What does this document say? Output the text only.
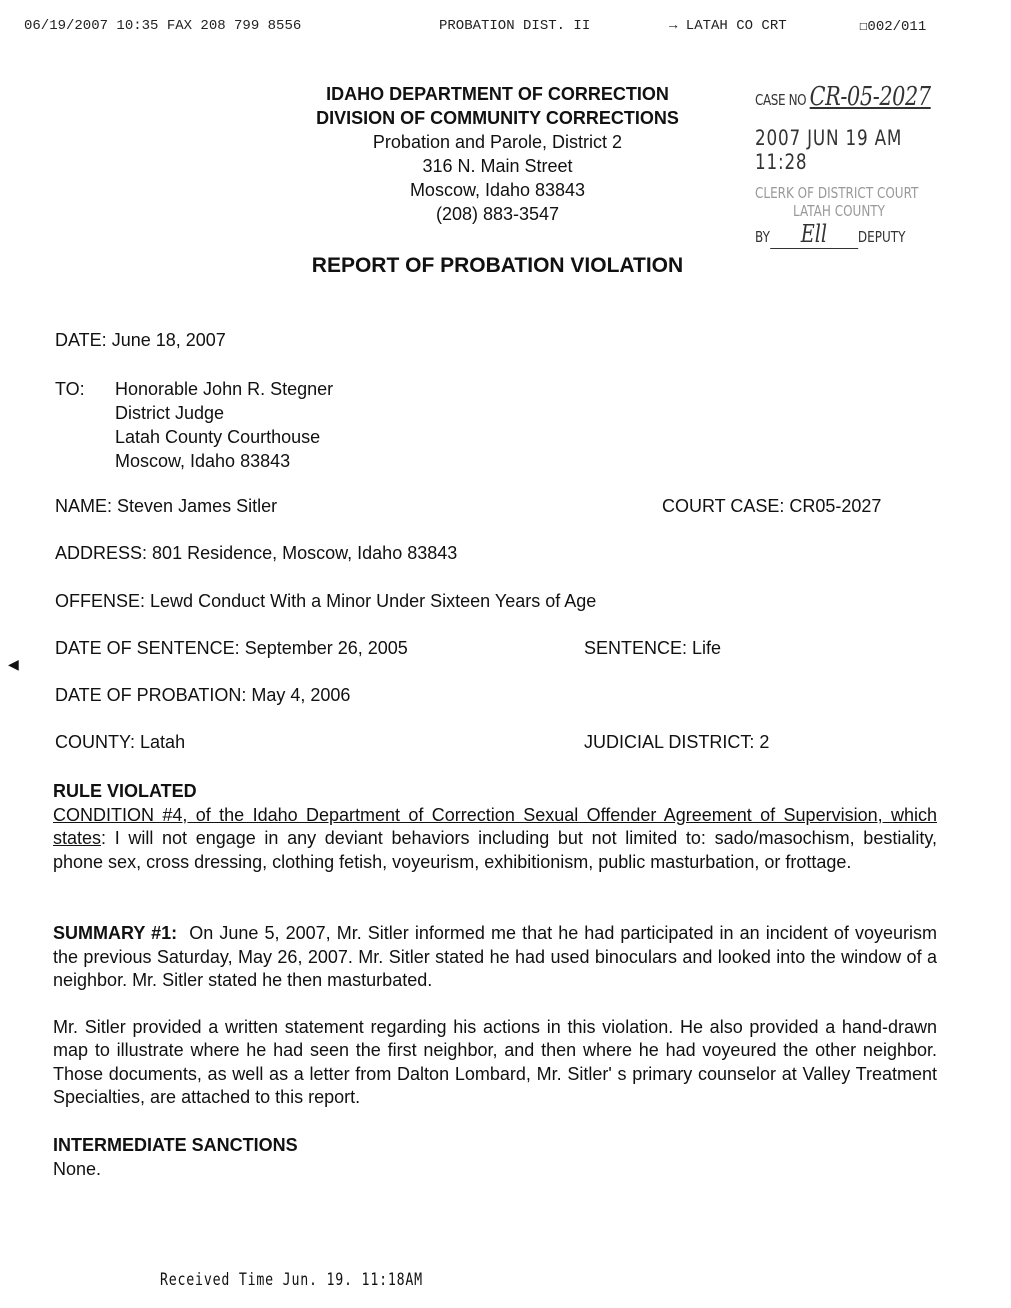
06/19/2007 10:35 FAX 208 799 8556	PROBATION DIST. II	→ LATAH CO CRT	☐002/011
IDAHO DEPARTMENT OF CORRECTION
DIVISION OF COMMUNITY CORRECTIONS
Probation and Parole, District 2
316 N. Main Street
Moscow, Idaho 83843
(208) 883-3547
CASE NO CR-05-2027
2007 JUN 19 AM 11:28
CLERK OF DISTRICT COURT
LATAH COUNTY
BY Ell DEPUTY
REPORT OF PROBATION VIOLATION
DATE: June 18, 2007
TO: Honorable John R. Stegner
District Judge
Latah County Courthouse
Moscow, Idaho 83843
NAME: Steven James Sitler	COURT CASE: CR05-2027
ADDRESS: 801 Residence, Moscow, Idaho 83843
OFFENSE: Lewd Conduct With a Minor Under Sixteen Years of Age
◀
DATE OF SENTENCE: September 26, 2005	SENTENCE: Life
DATE OF PROBATION: May 4, 2006
COUNTY: Latah	JUDICIAL DISTRICT: 2
RULE VIOLATED

CONDITION #4, of the Idaho Department of Correction Sexual Offender Agreement of Supervision, which states: I will not engage in any deviant behaviors including but not limited to: sado/masochism, bestiality, phone sex, cross dressing, clothing fetish, voyeurism, exhibitionism, public masturbation, or frottage.

SUMMARY #1: On June 5, 2007, Mr. Sitler informed me that he had participated in an incident of voyeurism the previous Saturday, May 26, 2007. Mr. Sitler stated he had used binoculars and looked into the window of a neighbor. Mr. Sitler stated he then masturbated.

Mr. Sitler provided a written statement regarding his actions in this violation. He also provided a hand-drawn map to illustrate where he had seen the first neighbor, and then where he had voyeured the other neighbor. Those documents, as well as a letter from Dalton Lombard, Mr. Sitler' s primary counselor at Valley Treatment Specialties, are attached to this report.

INTERMEDIATE SANCTIONS
None.
Received Time Jun. 19. 11:18AM
